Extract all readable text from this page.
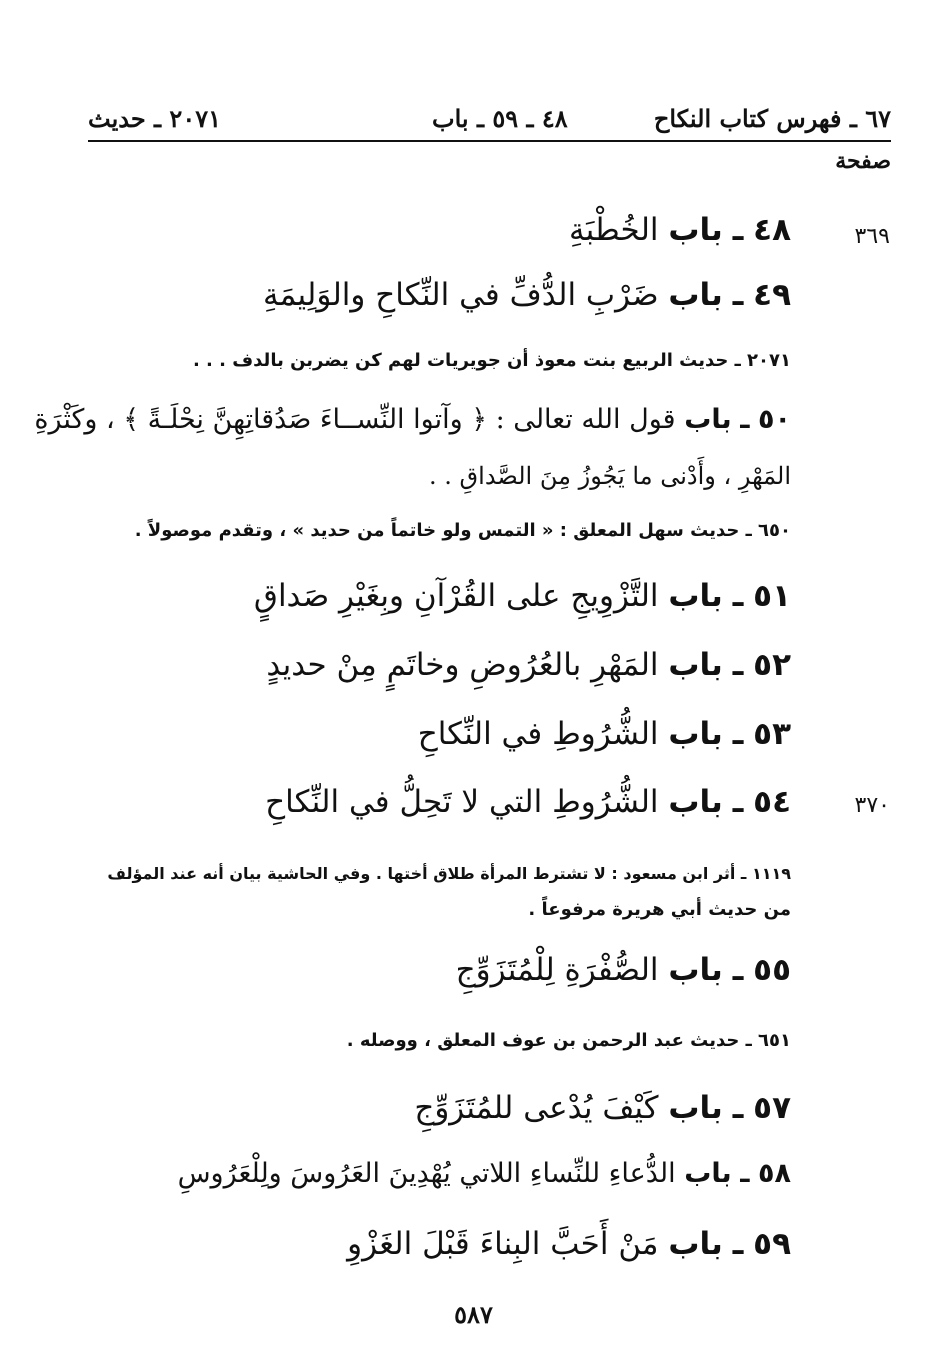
٦٧ ـ فهرس كتاب النكاح
٤٨ ـ ٥٩ ـ باب
٢٠٧١ ـ حديث
صفحة
٣٦٩
٣٧٠
٤٨ ـ باب الخُطْبَةِ
٤٩ ـ باب ضَرْبِ الدُّفِّ في النِّكاحِ والوَلِيمَةِ
٢٠٧١ ـ حديث الربيع بنت معوذ أن جويريات لهم كن يضربن بالدف . . .
٥٠ ـ باب قول الله تعالى : ﴿ وآتوا النِّســاءَ صَدُقاتِهِنَّ نِحْلَـةً ﴾ ، وكَثْرَةِ
المَهْرِ ، وأَدْنى ما يَجُوزُ مِنَ الصَّداقِ . .
٦٥٠ ـ حديث سهل المعلق : « التمس ولو خاتماً من حديد » ، وتقدم موصولاً .
٥١ ـ باب التَّزْوِيجِ على القُرْآنِ وبِغَيْرِ صَداقٍ
٥٢ ـ باب المَهْرِ بالعُرُوضِ وخاتَمٍ مِنْ حديدٍ
٥٣ ـ باب الشُّرُوطِ في النِّكاحِ
٥٤ ـ باب الشُّرُوطِ التي لا تَحِلُّ في النِّكاحِ
١١١٩ ـ أثر ابن مسعود : لا تشترط المرأة طلاق أختها . وفي الحاشية بيان أنه عند المؤلف
من حديث أبي هريرة مرفوعاً .
٥٥ ـ باب الصُّفْرَةِ لِلْمُتَزَوِّجِ
٦٥١ ـ حديث عبد الرحمن بن عوف المعلق ، ووصله .
٥٧ ـ باب كَيْفَ يُدْعى للمُتَزَوِّجِ
٥٨ ـ باب الدُّعاءِ للنِّساءِ اللاتي يُهْدِينَ العَرُوسَ ولِلْعَرُوسِ
٥٩ ـ باب مَنْ أَحَبَّ البِناءَ قَبْلَ الغَزْوِ
٥٨٧
